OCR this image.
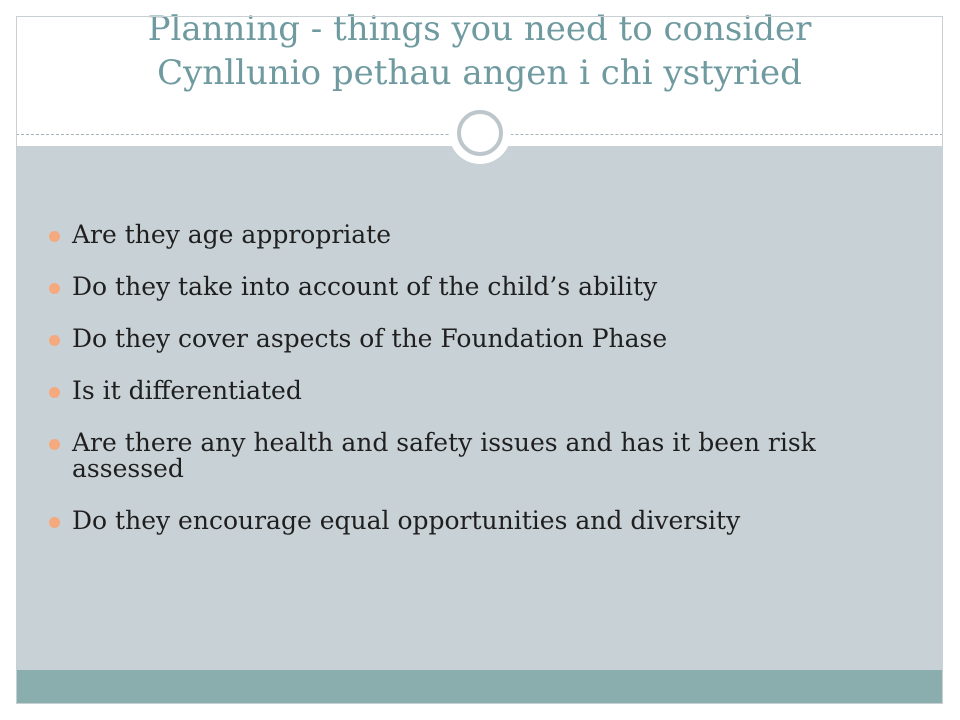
Planning - things you need to consider
Cynllunio pethau angen i chi ystyried
Are they age appropriate
Do they take into account of the child’s ability
Do they cover aspects of the Foundation Phase
Is it differentiated
Are there any health and safety issues and has it been risk assessed
Do they encourage equal opportunities and diversity
